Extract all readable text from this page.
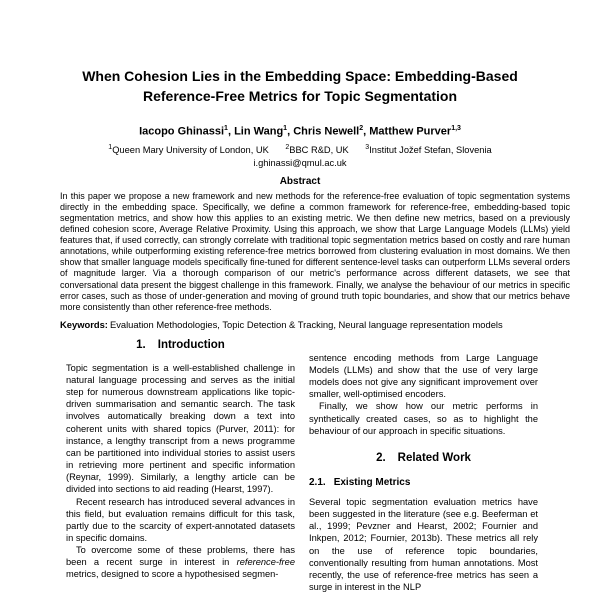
When Cohesion Lies in the Embedding Space: Embedding-Based
Reference-Free Metrics for Topic Segmentation
Iacopo Ghinassi$^1$, Lin Wang$^1$, Chris Newell$^2$, Matthew Purver$^{1,3}$
$^1$Queen Mary University of London, UK $^2$BBC R&D, UK $^3$Institut Jožef Stefan, Slovenia
i.ghinassi@qmul.ac.uk
Abstract
In this paper we propose a new framework and new methods for the reference-free evaluation of topic segmentation systems directly in the embedding space. Specifically, we define a common framework for reference-free, embedding-based topic segmentation metrics, and show how this applies to an existing metric. We then define new metrics, based on a previously defined cohesion score, Average Relative Proximity. Using this approach, we show that Large Language Models (LLMs) yield features that, if used correctly, can strongly correlate with traditional topic segmentation metrics based on costly and rare human annotations, while outperforming existing reference-free metrics borrowed from clustering evaluation in most domains. We then show that smaller language models specifically fine-tuned for different sentence-level tasks can outperform LLMs several orders of magnitude larger. Via a thorough comparison of our metric's performance across different datasets, we see that conversational data present the biggest challenge in this framework. Finally, we analyse the behaviour of our metrics in specific error cases, such as those of under-generation and moving of ground truth topic boundaries, and show that our metrics behave more consistently than other reference-free methods.
Keywords: Evaluation Methodologies, Topic Detection & Tracking, Neural language representation models
1. Introduction

Topic segmentation is a well-established challenge in natural language processing and serves as the initial step for numerous downstream applications like topic-driven summarisation and semantic search. The task involves automatically breaking down a text into coherent units with shared topics (Purver, 2011): for instance, a lengthy transcript from a news programme can be partitioned into individual stories to assist users in retrieving more pertinent and specific information (Reynar, 1999). Similarly, a lengthy article can be divided into sections to aid reading (Hearst, 1997).

Recent research has introduced several advances in this field, but evaluation remains difficult for this task, partly due to the scarcity of expert-annotated datasets in specific domains.

To overcome some of these problems, there has been a recent surge in interest in reference-free metrics, designed to score a hypothesised segmen-

sentence encoding methods from Large Language Models (LLMs) and show that the use of very large models does not give any significant improvement over smaller, well-optimised encoders.

Finally, we show how our metric performs in synthetically created cases, so as to highlight the behaviour of our approach in specific situations.

2. Related Work
2.1. Existing Metrics

Several topic segmentation evaluation metrics have been suggested in the literature (see e.g. Beeferman et al., 1999; Pevzner and Hearst, 2002; Fournier and Inkpen, 2012; Fournier, 2013b). These metrics all rely on the use of reference topic boundaries, conventionally resulting from human annotations. Most recently, the use of reference-free metrics has seen a surge in interest in the NLP
